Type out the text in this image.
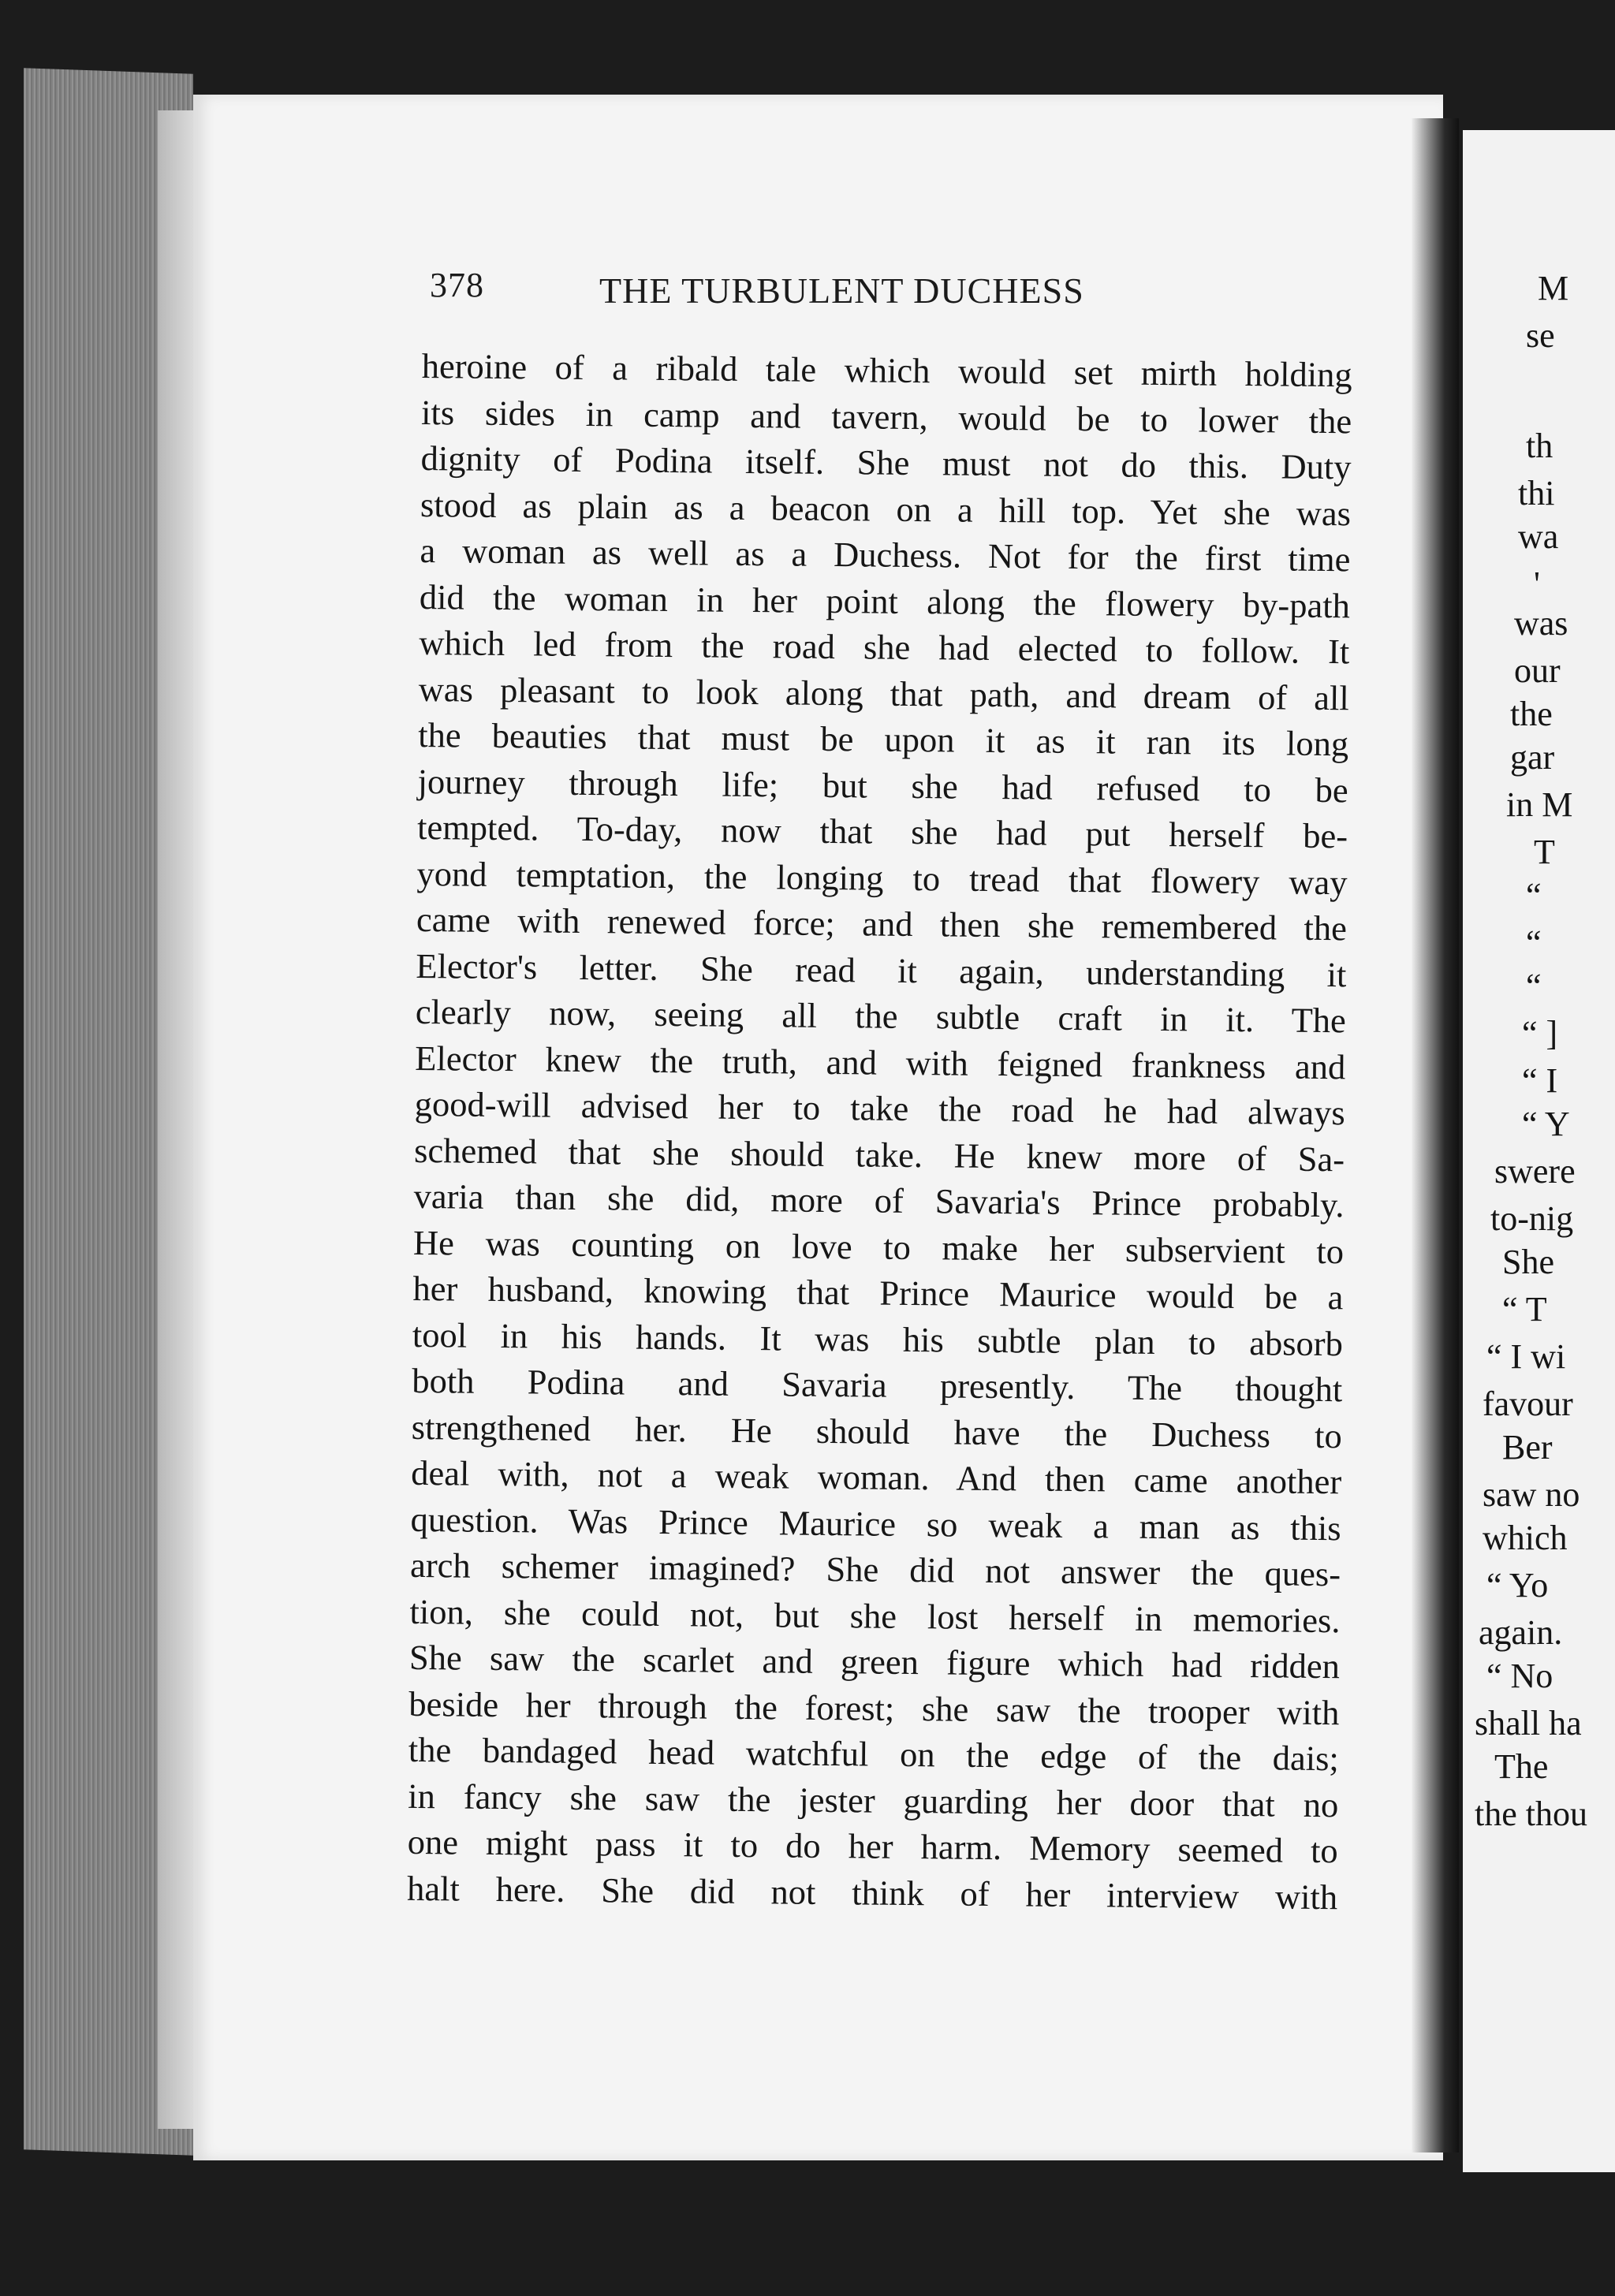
378	THE TURBULENT DUCHESS
heroine of a ribald tale which would set mirth holding
its sides in camp and tavern, would be to lower the
dignity of Podina itself. She must not do this. Duty
stood as plain as a beacon on a hill top. Yet she was
a woman as well as a Duchess. Not for the first time
did the woman in her point along the flowery by-path
which led from the road she had elected to follow. It
was pleasant to look along that path, and dream of all
the beauties that must be upon it as it ran its long
journey through life; but she had refused to be
tempted. To-day, now that she had put herself be-
yond temptation, the longing to tread that flowery way
came with renewed force; and then she remembered the
Elector's letter. She read it again, understanding it
clearly now, seeing all the subtle craft in it. The
Elector knew the truth, and with feigned frankness and
good-will advised her to take the road he had always
schemed that she should take. He knew more of Sa-
varia than she did, more of Savaria's Prince probably.
He was counting on love to make her subservient to
her husband, knowing that Prince Maurice would be a
tool in his hands. It was his subtle plan to absorb
both Podina and Savaria presently. The thought
strengthened her. He should have the Duchess to
deal with, not a weak woman. And then came another
question. Was Prince Maurice so weak a man as this
arch schemer imagined? She did not answer the ques-
tion, she could not, but she lost herself in memories.
She saw the scarlet and green figure which had ridden
beside her through the forest; she saw the trooper with
the bandaged head watchful on the edge of the dais;
in fancy she saw the jester guarding her door that no
one might pass it to do her harm. Memory seemed to
halt here. She did not think of her interview with
M
se
th
thi
wa
'
was
our
the
gar
in M
T
“
“
“
“ ]
“ I
“ Y
swere
to-nig
She
“ T
“ I wi
favour
Ber
saw no
which
“ Yo
again.
“ No
shall ha
The
the thou
